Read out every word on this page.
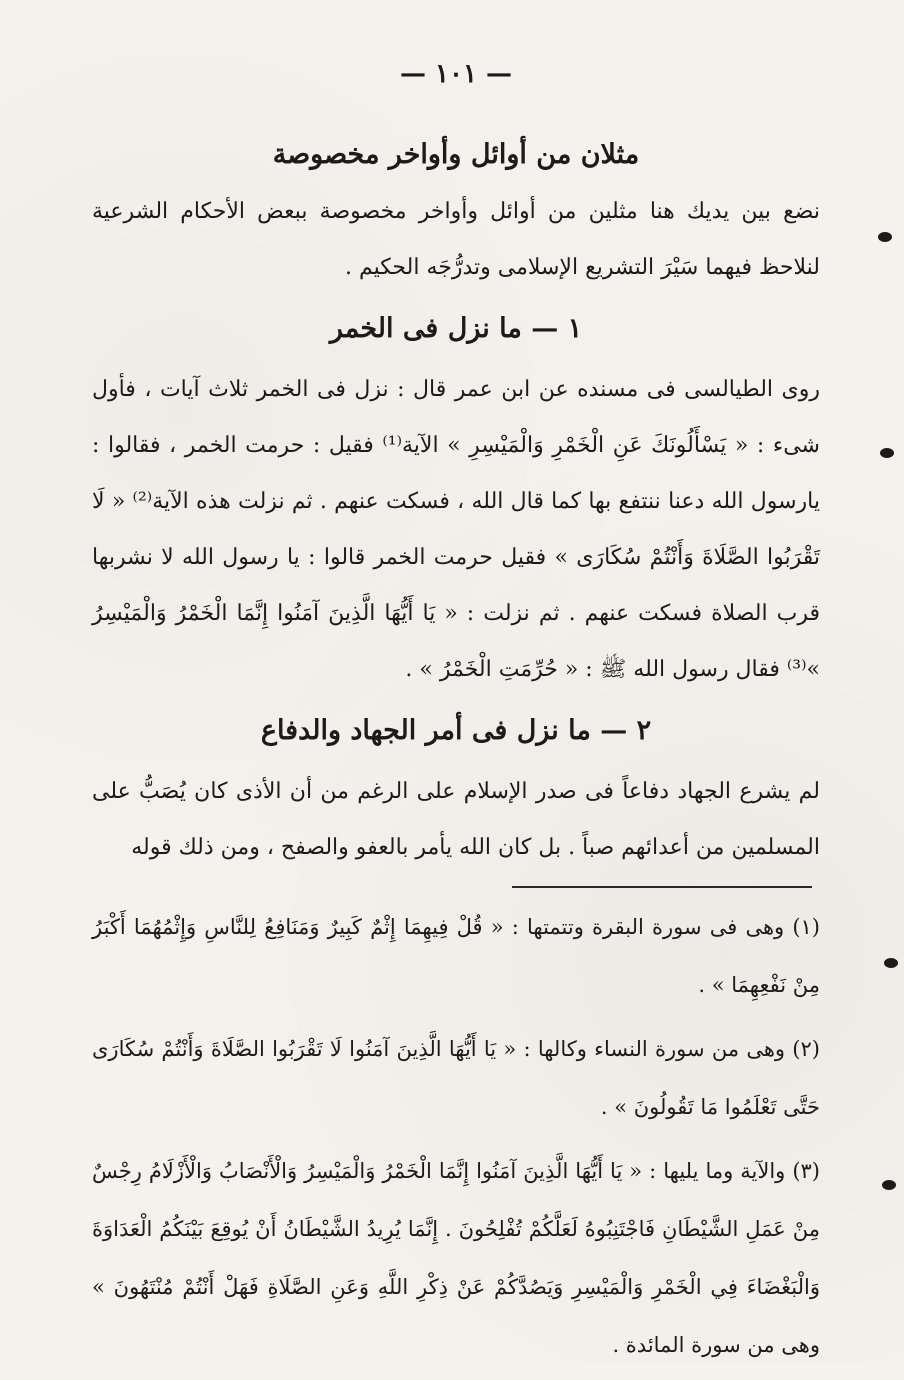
— ١٠١ —
مثلان من أوائل وأواخر مخصوصة

نضع بين يديك هنا مثلين من أوائل وأواخر مخصوصة ببعض الأحكام الشرعية لنلاحظ فيهما سَيْرَ التشريع الإسلامى وتدرُّجَه الحكيم .

١ — ما نزل فى الخمر

روى الطيالسى فى مسنده عن ابن عمر قال : نزل فى الخمر ثلاث آيات ، فأول شىء : « يَسْأَلُونَكَ عَنِ الْخَمْرِ وَالْمَيْسِرِ » الآية⁽¹⁾ فقيل : حرمت الخمر ، فقالوا : يارسول الله دعنا ننتفع بها كما قال الله ، فسكت عنهم . ثم نزلت هذه الآية⁽²⁾ « لَا تَقْرَبُوا الصَّلَاةَ وَأَنْتُمْ سُكَارَى » فقيل حرمت الخمر قالوا : يا رسول الله لا نشربها قرب الصلاة فسكت عنهم . ثم نزلت : « يَا أَيُّهَا الَّذِينَ آمَنُوا إِنَّمَا الْخَمْرُ وَالْمَيْسِرُ »⁽³⁾ فقال رسول الله ﷺ : « حُرِّمَتِ الْخَمْرُ » .

٢ — ما نزل فى أمر الجهاد والدفاع

لم يشرع الجهاد دفاعاً فى صدر الإسلام على الرغم من أن الأذى كان يُصَبُّ على المسلمين من أعدائهم صباً . بل كان الله يأمر بالعفو والصفح ، ومن ذلك قوله

(١) وهى فى سورة البقرة وتتمتها : « قُلْ فِيهِمَا إِثْمٌ كَبِيرٌ وَمَنَافِعُ لِلنَّاسِ وَإِثْمُهُمَا أَكْبَرُ مِنْ نَفْعِهِمَا » .

(٢) وهى من سورة النساء وكالها : « يَا أَيُّهَا الَّذِينَ آمَنُوا لَا تَقْرَبُوا الصَّلَاةَ وَأَنْتُمْ سُكَارَى حَتَّى تَعْلَمُوا مَا تَقُولُونَ » .

(٣) والآية وما يليها : « يَا أَيُّهَا الَّذِينَ آمَنُوا إِنَّمَا الْخَمْرُ وَالْمَيْسِرُ وَالْأَنْصَابُ وَالْأَزْلَامُ رِجْسٌ مِنْ عَمَلِ الشَّيْطَانِ فَاجْتَنِبُوهُ لَعَلَّكُمْ تُفْلِحُونَ . إِنَّمَا يُرِيدُ الشَّيْطَانُ أَنْ يُوقِعَ بَيْنَكُمُ الْعَدَاوَةَ وَالْبَغْضَاءَ فِي الْخَمْرِ وَالْمَيْسِرِ وَيَصُدَّكُمْ عَنْ ذِكْرِ اللَّهِ وَعَنِ الصَّلَاةِ فَهَلْ أَنْتُمْ مُنْتَهُونَ » وهى من سورة المائدة .
